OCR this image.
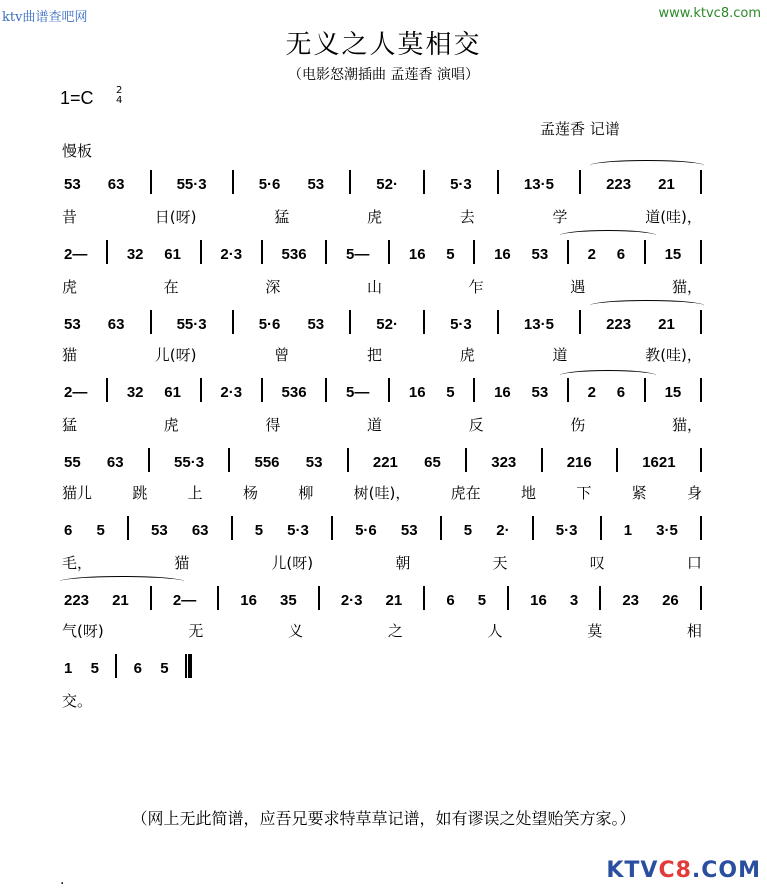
ktv曲谱查吧网	www.ktvc8.com
无义之人莫相交
（电影怒潮插曲 孟莲香 演唱）
1=C 2
4
孟莲香 记谱
慢板
53 63	55·3	5·6 53	52·	5·3	13·5	223 21
昔	日(呀)	猛	虎	去	学	道(哇)，
2—	32 61	2·3	536	5—	16 5	16 53	2 6	15
虎	在	深	山	乍	遇	猫，
53 63	55·3	5·6 53	52·	5·3	13·5	223 21
猫	儿(呀)	曾	把	虎	道	教(哇)，
2—	32 61	2·3	536	5—	16 5	16 53	2 6	15
猛	虎	得	道	反	伤	猫，
55 63	55·3	556 53	221 65	323	216	1621
猫儿	跳	上	杨	柳	树(哇)，	虎在	地	下	紧	身
6 5	53 63	5 5·3	5·6 53	5 2·	5·3	1 3·5
毛，	猫	儿(呀)	朝	天	叹	口
223 21	2—	16 35	2·3 21	6 5	16 3	23 26
气(呀)	无	义	之	人	莫	相
1 5 6 5
交。
（网上无此简谱，应吾兄要求特草草记谱，如有谬误之处望贻笑方家。）
.	KTVC8.COM
